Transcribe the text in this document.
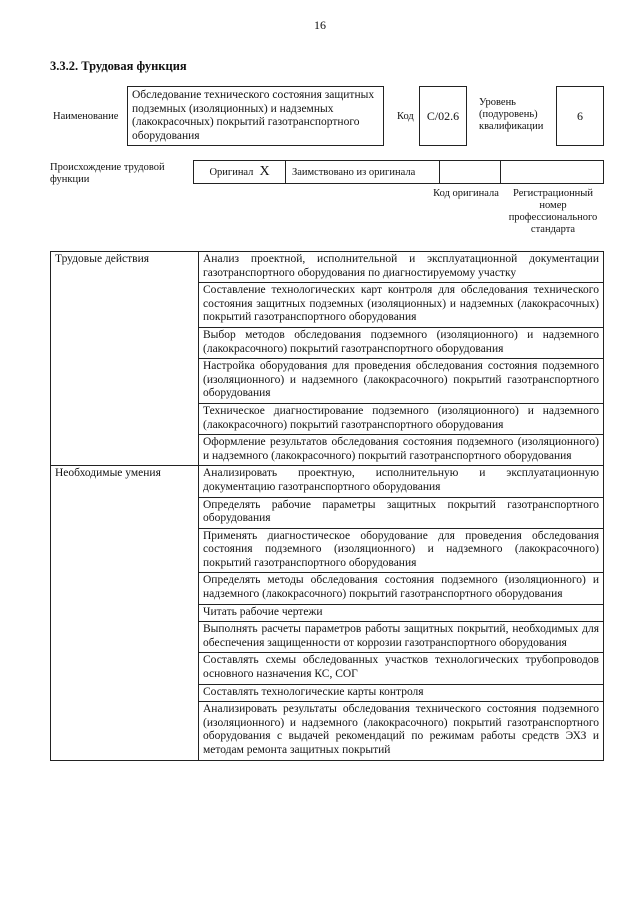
16
3.3.2. Трудовая функция
Наименование
Обследование технического состояния защитных подземных (изоляционных) и надземных (лакокрасочных) покрытий газотранспортного оборудования
Код	C/02.6
Уровень (подуровень) квалификации
6
Происхождение трудовой функции
Оригинал X	Заимствовано из оригинала
Код оригинала	Регистрационный номер профессионального стандарта
Трудовые действия	Анализ проектной, исполнительной и эксплуатационной документации газотранспортного оборудования по диагностируемому участку
	Составление технологических карт контроля для обследования технического состояния защитных подземных (изоляционных) и надземных (лакокрасочных) покрытий газотранспортного оборудования
	Выбор методов обследования подземного (изоляционного) и надземного (лакокрасочного) покрытий газотранспортного оборудования
	Настройка оборудования для проведения обследования состояния подземного (изоляционного) и надземного (лакокрасочного) покрытий газотранспортного оборудования
	Техническое диагностирование подземного (изоляционного) и надземного (лакокрасочного) покрытий газотранспортного оборудования
	Оформление результатов обследования состояния подземного (изоляционного) и надземного (лакокрасочного) покрытий газотранспортного оборудования
Необходимые умения	Анализировать проектную, исполнительную и эксплуатационную документацию газотранспортного оборудования
	Определять рабочие параметры защитных покрытий газотранспортного оборудования
	Применять диагностическое оборудование для проведения обследования состояния подземного (изоляционного) и надземного (лакокрасочного) покрытий газотранспортного оборудования
	Определять методы обследования состояния подземного (изоляционного) и надземного (лакокрасочного) покрытий газотранспортного оборудования
	Читать рабочие чертежи
	Выполнять расчеты параметров работы защитных покрытий, необходимых для обеспечения защищенности от коррозии газотранспортного оборудования
	Составлять схемы обследованных участков технологических трубопроводов основного назначения КС, СОГ
	Составлять технологические карты контроля
	Анализировать результаты обследования технического состояния подземного (изоляционного) и надземного (лакокрасочного) покрытий газотранспортного оборудования с выдачей рекомендаций по режимам работы средств ЭХЗ и методам ремонта защитных покрытий
